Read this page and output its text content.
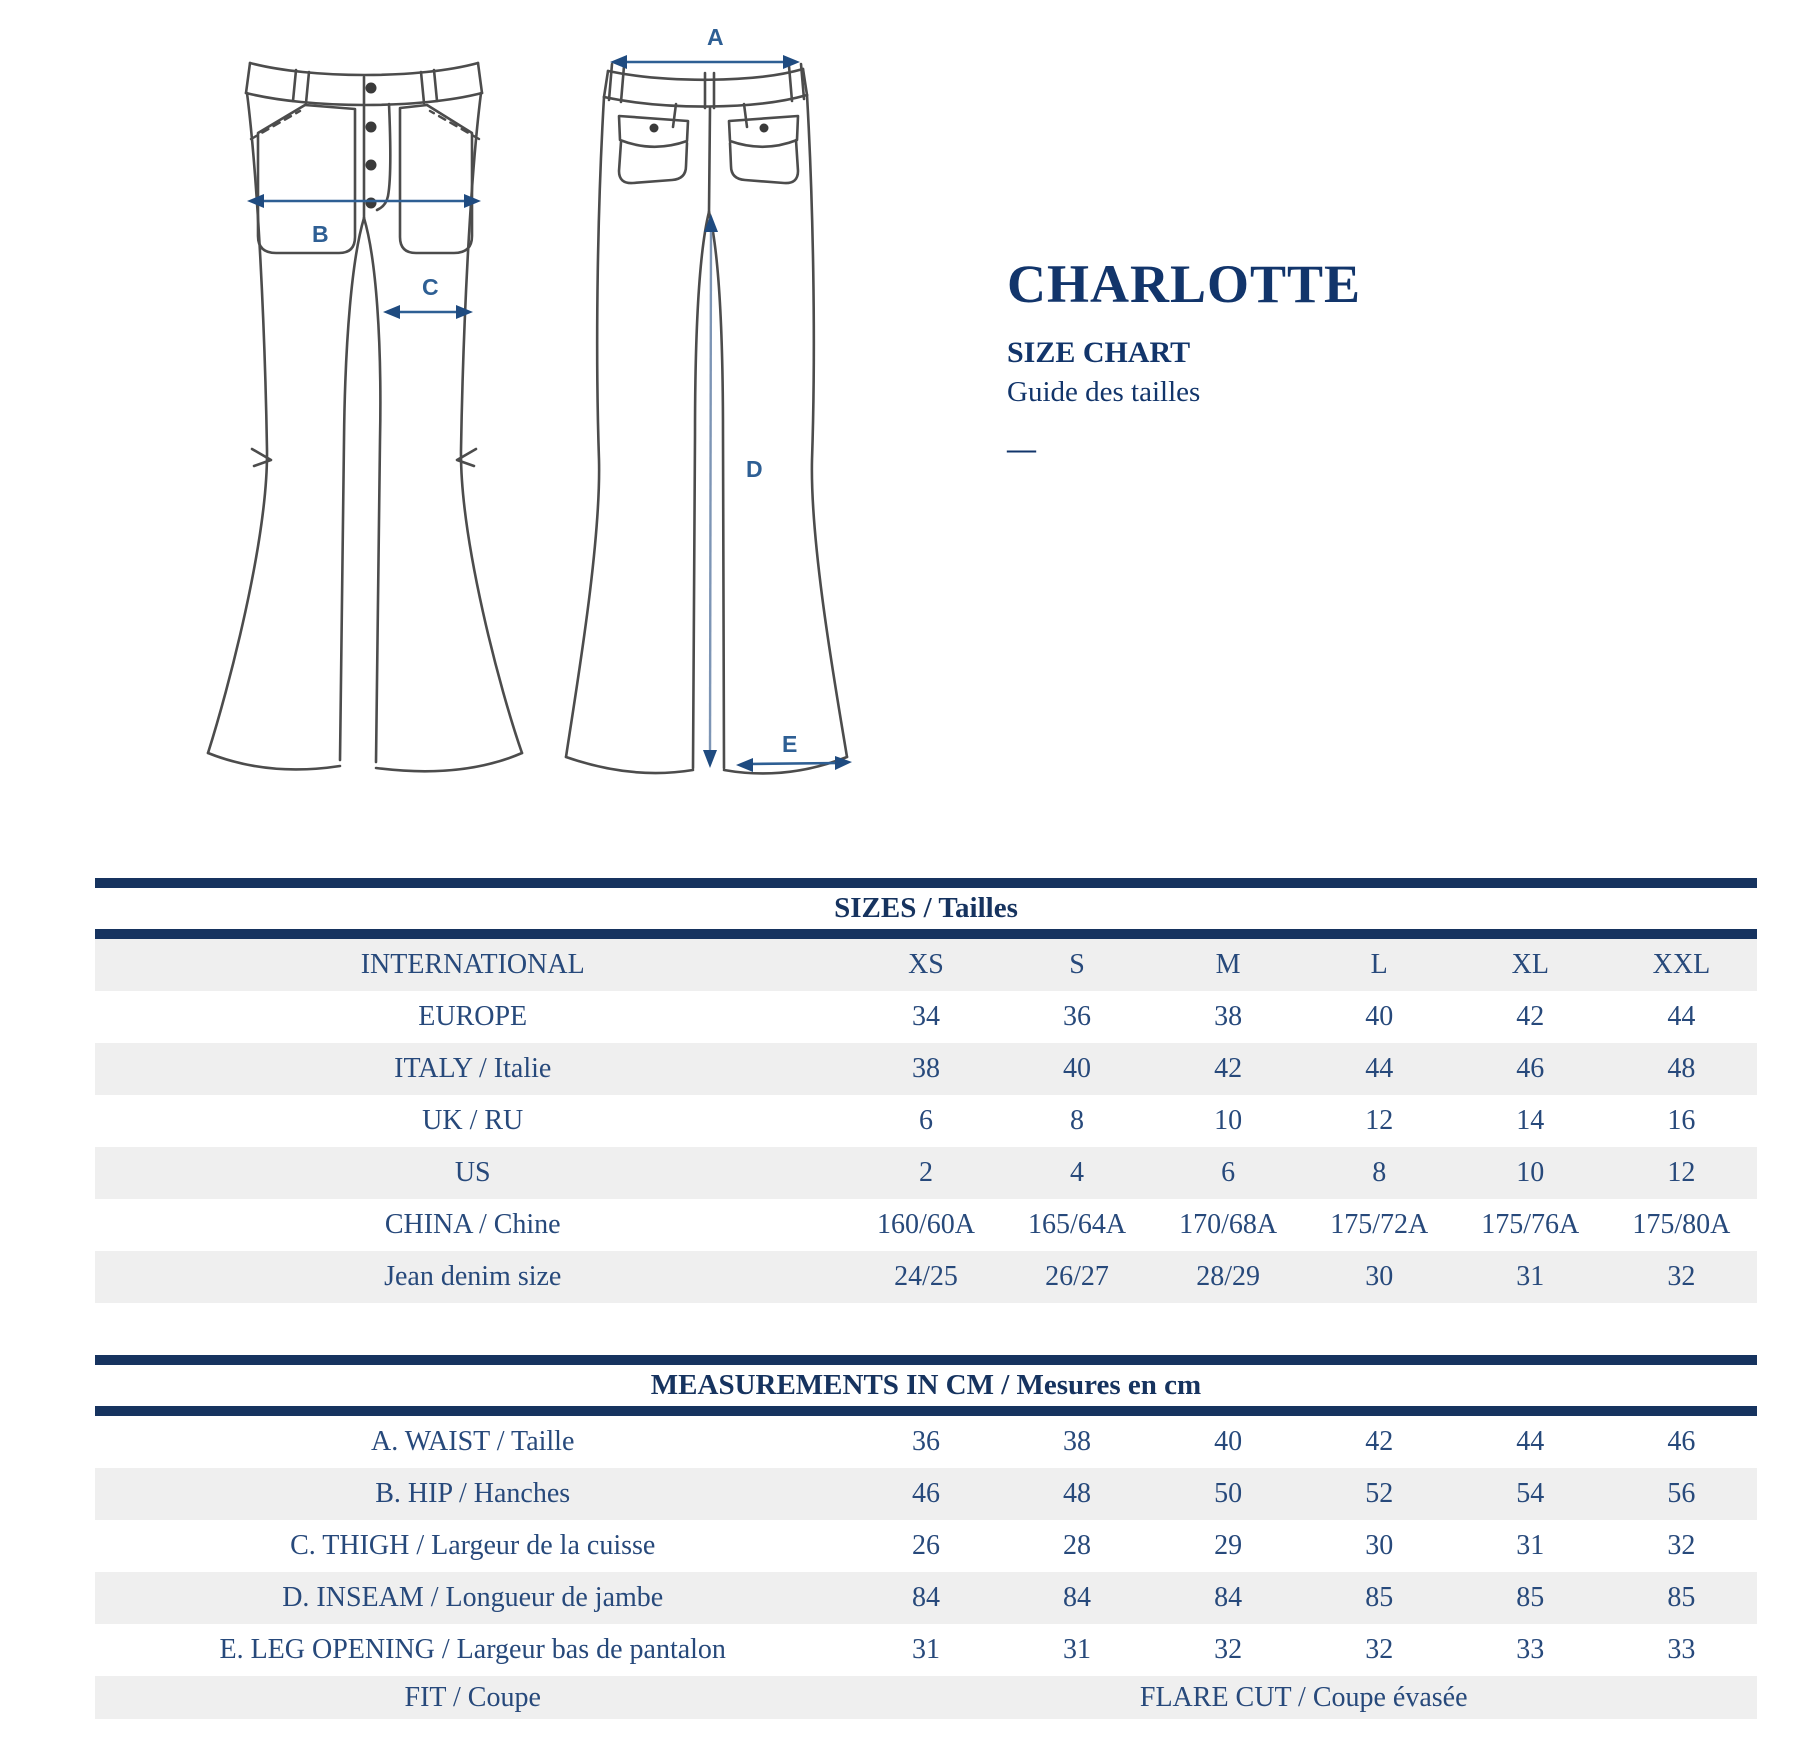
B
C
A
D
E
CHARLOTTE
SIZE CHART
Guide des tailles
—
SIZES / Tailles						
INTERNATIONAL	XS	S	M	L	XL	XXL
EUROPE	34	36	38	40	42	44
ITALY / Italie	38	40	42	44	46	48
UK / RU	6	8	10	12	14	16
US	2	4	6	8	10	12
CHINA / Chine	160/60A	165/64A	170/68A	175/72A	175/76A	175/80A
Jean denim size	24/25	26/27	28/29	30	31	32
MEASUREMENTS IN CM / Mesures en cm						
A. WAIST / Taille	36	38	40	42	44	46
B. HIP / Hanches	46	48	50	52	54	56
C. THIGH / Largeur de la cuisse	26	28	29	30	31	32
D. INSEAM / Longueur de jambe	84	84	84	85	85	85
E. LEG OPENING / Largeur bas de pantalon	31	31	32	32	33	33
FIT / Coupe	FLARE CUT / Coupe évasée					
